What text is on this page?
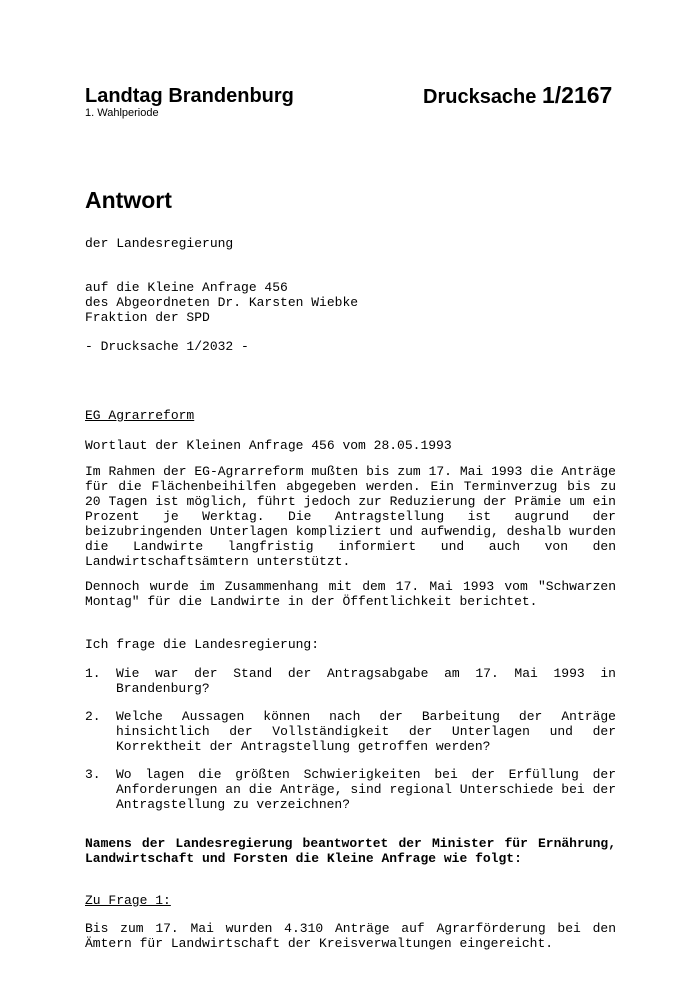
Landtag Brandenburg
1. Wahlperiode
Drucksache 1/2167
Antwort
der Landesregierung
auf die Kleine Anfrage 456
des Abgeordneten Dr. Karsten Wiebke
Fraktion der SPD
- Drucksache 1/2032 -
EG Agrarreform
Wortlaut der Kleinen Anfrage 456 vom 28.05.1993

Im Rahmen der EG-Agrarreform mußten bis zum 17. Mai 1993 die Anträge für die Flächenbeihilfen abgegeben werden. Ein Terminverzug bis zu 20 Tagen ist möglich, führt jedoch zur Reduzierung der Prämie um ein Prozent je Werktag. Die Antragstellung ist augrund der beizubringenden Unterlagen kompliziert und aufwendig, deshalb wurden die Landwirte langfristig informiert und auch von den Landwirtschaftsämtern unterstützt.

Dennoch wurde im Zusammenhang mit dem 17. Mai 1993 vom "Schwarzen Montag" für die Landwirte in der Öffentlichkeit berichtet.

Ich frage die Landesregierung:
1. Wie war der Stand der Antragsabgabe am 17. Mai 1993 in Brandenburg?

2. Welche Aussagen können nach der Barbeitung der Anträge hinsichtlich der Vollständigkeit der Unterlagen und der Korrektheit der Antragstellung getroffen werden?

3. Wo lagen die größten Schwierigkeiten bei der Erfüllung der Anforderungen an die Anträge, sind regional Unterschiede bei der Antragstellung zu verzeichnen?

Namens der Landesregierung beantwortet der Minister für Ernährung, Landwirtschaft und Forsten die Kleine Anfrage wie folgt:

Zu Frage 1:

Bis zum 17. Mai wurden 4.310 Anträge auf Agrarförderung bei den Ämtern für Landwirtschaft der Kreisverwaltungen eingereicht.
